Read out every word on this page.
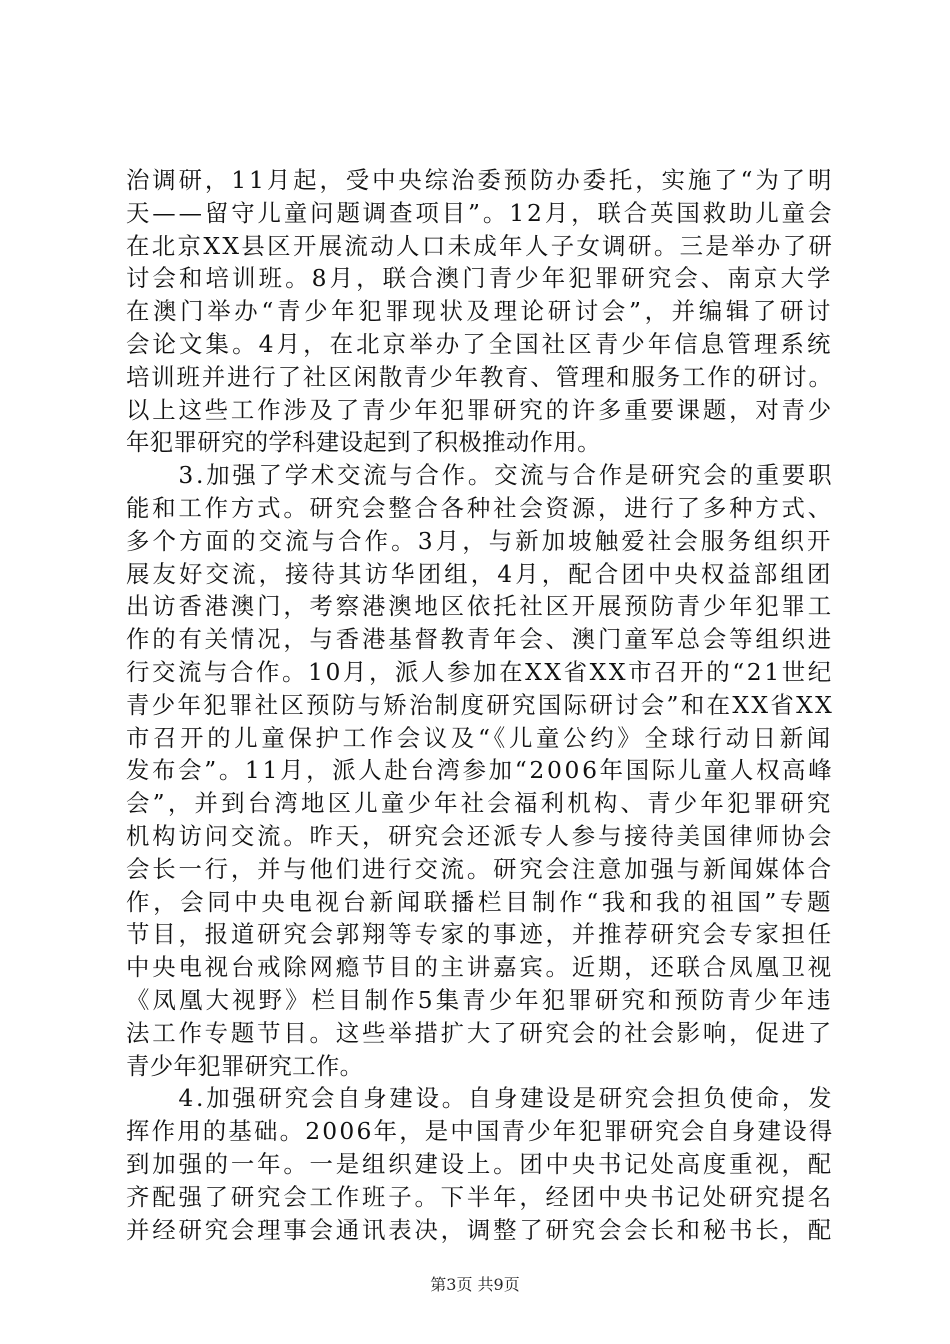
治调研，11月起，受中央综治委预防办委托，实施了“为了明
天——留守儿童问题调查项目”。12月，联合英国救助儿童会
在北京XX县区开展流动人口未成年人子女调研。三是举办了研
讨会和培训班。8月，联合澳门青少年犯罪研究会、南京大学
在澳门举办“青少年犯罪现状及理论研讨会”，并编辑了研讨
会论文集。4月，在北京举办了全国社区青少年信息管理系统
培训班并进行了社区闲散青少年教育、管理和服务工作的研讨。
以上这些工作涉及了青少年犯罪研究的许多重要课题，对青少
年犯罪研究的学科建设起到了积极推动作用。
　　3.加强了学术交流与合作。交流与合作是研究会的重要职
能和工作方式。研究会整合各种社会资源，进行了多种方式、
多个方面的交流与合作。3月，与新加坡触爱社会服务组织开
展友好交流，接待其访华团组，4月，配合团中央权益部组团
出访香港澳门，考察港澳地区依托社区开展预防青少年犯罪工
作的有关情况，与香港基督教青年会、澳门童军总会等组织进
行交流与合作。10月，派人参加在XX省XX市召开的“21世纪
青少年犯罪社区预防与矫治制度研究国际研讨会”和在XX省XX
市召开的儿童保护工作会议及“《儿童公约》全球行动日新闻
发布会”。11月，派人赴台湾参加“2006年国际儿童人权高峰
会”，并到台湾地区儿童少年社会福利机构、青少年犯罪研究
机构访问交流。昨天，研究会还派专人参与接待美国律师协会
会长一行，并与他们进行交流。研究会注意加强与新闻媒体合
作，会同中央电视台新闻联播栏目制作“我和我的祖国”专题
节目，报道研究会郭翔等专家的事迹，并推荐研究会专家担任
中央电视台戒除网瘾节目的主讲嘉宾。近期，还联合凤凰卫视
《凤凰大视野》栏目制作5集青少年犯罪研究和预防青少年违
法工作专题节目。这些举措扩大了研究会的社会影响，促进了
青少年犯罪研究工作。
　　4.加强研究会自身建设。自身建设是研究会担负使命，发
挥作用的基础。2006年，是中国青少年犯罪研究会自身建设得
到加强的一年。一是组织建设上。团中央书记处高度重视，配
齐配强了研究会工作班子。下半年，经团中央书记处研究提名
并经研究会理事会通讯表决，调整了研究会会长和秘书长，配
第3页 共9页
